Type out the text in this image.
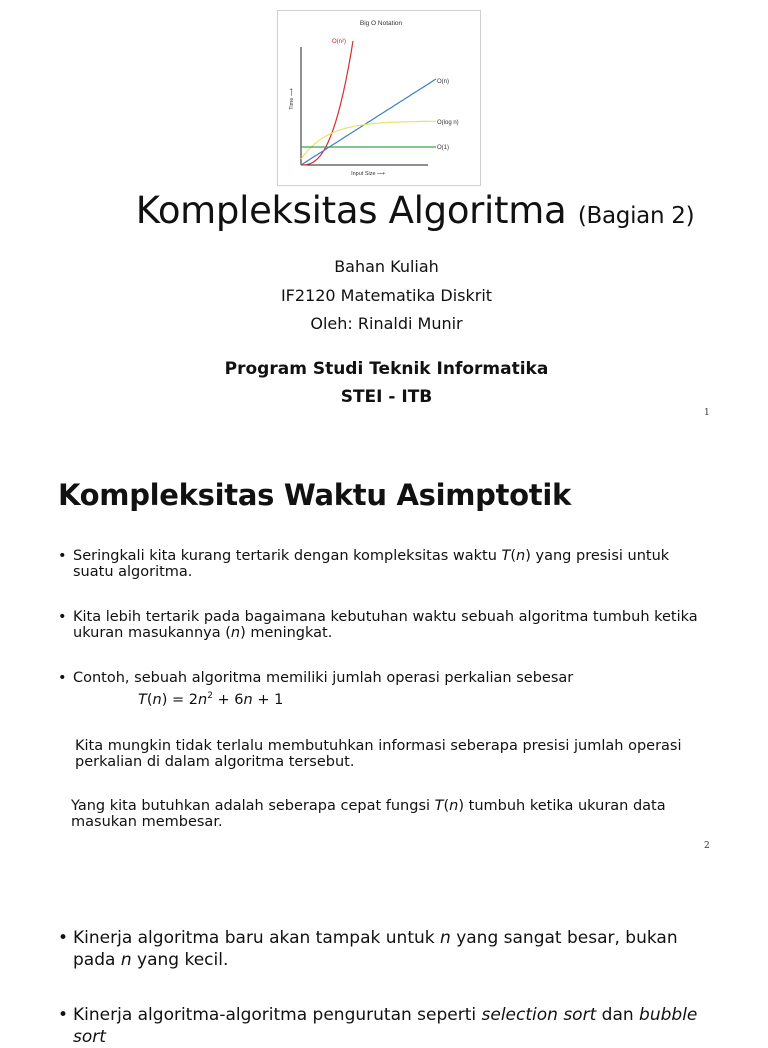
Big O Notation
Input Size ⟶
Time ⟶
O(n²)
O(n)
O(log n)
O(1)
Kompleksitas Algoritma (Bagian 2)
Bahan Kuliah
IF2120 Matematika Diskrit
Oleh: Rinaldi Munir
Program Studi Teknik Informatika
STEI - ITB
1
Kompleksitas Waktu Asimptotik
• Seringkali kita kurang tertarik dengan kompleksitas waktu T(n) yang presisi untuk suatu algoritma.
• Kita lebih tertarik pada bagaimana kebutuhan waktu sebuah algoritma tumbuh ketika ukuran masukannya (n) meningkat.
• Contoh, sebuah algoritma memiliki jumlah operasi perkalian sebesar
$T(n) = 2n^2 + 6n + 1$
Kita mungkin tidak terlalu membutuhkan informasi seberapa presisi jumlah operasi perkalian di dalam algoritma tersebut.
Yang kita butuhkan adalah seberapa cepat fungsi T(n) tumbuh ketika ukuran data masukan membesar.
2
• Kinerja algoritma baru akan tampak untuk n yang sangat besar, bukan pada n yang kecil.
• Kinerja algoritma-algoritma pengurutan seperti selection sort dan bubble sort
